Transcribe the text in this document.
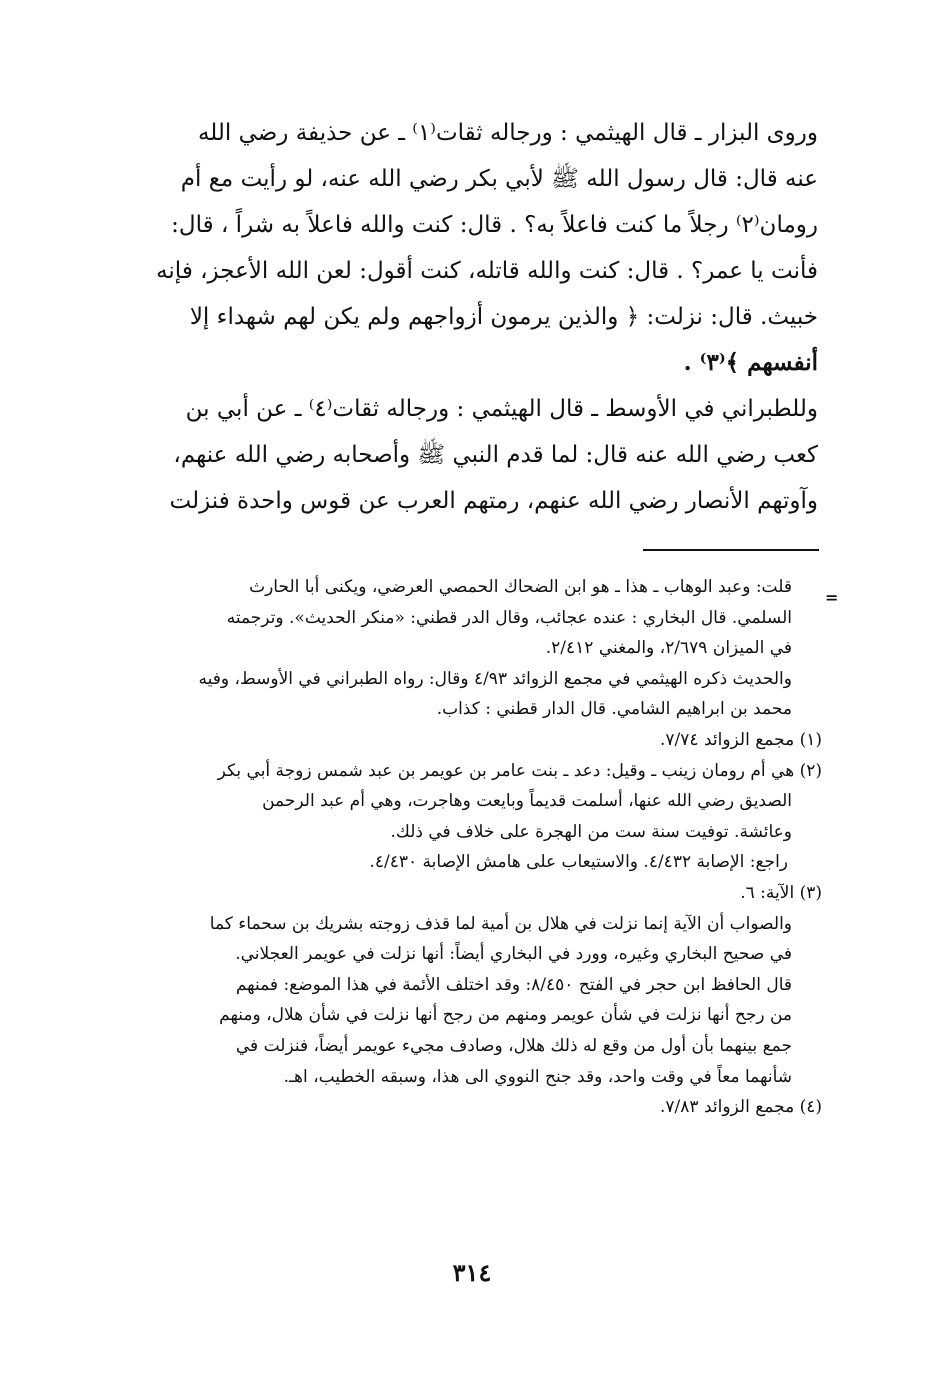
وروى البزار ـ قال الهيثمي : ورجاله ثقات⁽١⁾ ـ عن حذيفة رضي الله
عنه قال: قال رسول الله ﷺ لأبي بكر رضي الله عنه، لو رأيت مع أم
رومان⁽٢⁾ رجلاً ما كنت فاعلاً به؟ . قال: كنت والله فاعلاً به شراً ، قال:
فأنت يا عمر؟ . قال: كنت والله قاتله، كنت أقول: لعن الله الأعجز، فإنه
خبيث. قال: نزلت: ﴿ والذين يرمون أزواجهم ولم يكن لهم شهداء إلا
أنفسهم ﴾⁽٣⁾ .
وللطبراني في الأوسط ـ قال الهيثمي : ورجاله ثقات⁽٤⁾ ـ عن أبي بن
كعب رضي الله عنه قال: لما قدم النبي ﷺ وأصحابه رضي الله عنهم،
وآوتهم الأنصار رضي الله عنهم، رمتهم العرب عن قوس واحدة فنزلت
=
قلت: وعبد الوهاب ـ هذا ـ هو ابن الضحاك الحمصي العرضي، ويكنى أبا الحارث
السلمي. قال البخاري : عنده عجائب، وقال الدر قطني: «منكر الحديث». وترجمته
في الميزان ٢/٦٧٩، والمغني ٢/٤١٢.
والحديث ذكره الهيثمي في مجمع الزوائد ٤/٩٣ وقال: رواه الطبراني في الأوسط، وفيه
محمد بن ابراهيم الشامي. قال الدار قطني : كذاب.
(١) مجمع الزوائد ٧/٧٤.
(٢) هي أم رومان زينب ـ وقيل: دعد ـ بنت عامر بن عويمر بن عبد شمس زوجة أبي بكر
الصديق رضي الله عنها، أسلمت قديماً وبايعت وهاجرت، وهي أم عبد الرحمن
وعائشة. توفيت سنة ست من الهجرة على خلاف في ذلك.
راجع: الإصابة ٤/٤٣٢. والاستيعاب على هامش الإصابة ٤/٤٣٠.
(٣) الآية: ٦.
والصواب أن الآية إنما نزلت في هلال بن أمية لما قذف زوجته بشريك بن سحماء كما
في صحيح البخاري وغيره، وورد في البخاري أيضاً: أنها نزلت في عويمر العجلاني.
قال الحافظ ابن حجر في الفتح ٨/٤٥٠: وقد اختلف الأئمة في هذا الموضع: فمنهم
من رجح أنها نزلت في شأن عويمر ومنهم من رجح أنها نزلت في شأن هلال، ومنهم
جمع بينهما بأن أول من وقع له ذلك هلال، وصادف مجيء عويمر أيضاً، فنزلت في
شأنهما معاً في وقت واحد، وقد جنح النووي الى هذا، وسبقه الخطيب، اهـ.
(٤) مجمع الزوائد ٧/٨٣.
٣١٤
